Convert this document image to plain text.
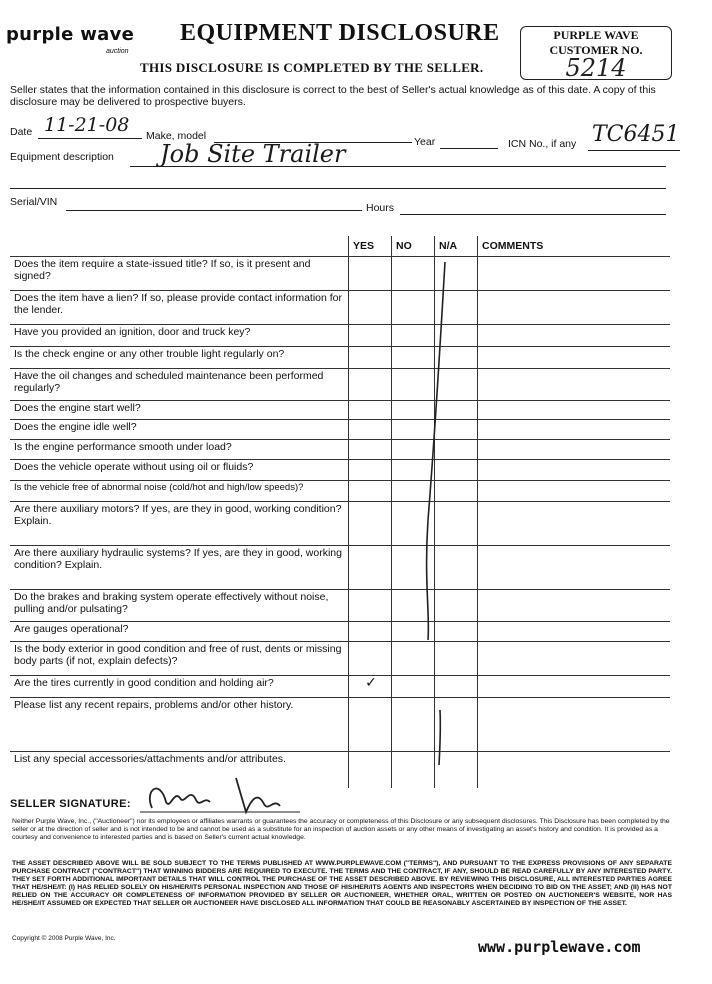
purple wave
auction
EQUIPMENT DISCLOSURE
THIS DISCLOSURE IS COMPLETED BY THE SELLER.
PURPLE WAVE
CUSTOMER NO.
5214
Seller states that the information contained in this disclosure is correct to the best of Seller's actual knowledge as of this date. A copy of this disclosure may be delivered to prospective buyers.
Date 11-21-08 Make, model	Year	ICN No., if any TC6451
Equipment description Job Site Trailer
Serial/VIN	Hours
	YES	NO	N/A	COMMENTS
Does the item require a state-issued title? If so, is it present and signed?				
Does the item have a lien? If so, please provide contact information for the lender.				
Have you provided an ignition, door and truck key?				
Is the check engine or any other trouble light regularly on?				
Have the oil changes and scheduled maintenance been performed regularly?				
Does the engine start well?				
Does the engine idle well?				
Is the engine performance smooth under load?				
Does the vehicle operate without using oil or fluids?				
Is the vehicle free of abnormal noise (cold/hot and high/low speeds)?				
Are there auxiliary motors? If yes, are they in good, working condition? Explain.				
Are there auxiliary hydraulic systems? If yes, are they in good, working condition? Explain.				
Do the brakes and braking system operate effectively without noise, pulling and/or pulsating?				
Are gauges operational?				
Is the body exterior in good condition and free of rust, dents or missing body parts (if not, explain defects)?				
Are the tires currently in good condition and holding air?	✓			
Please list any recent repairs, problems and/or other history.				
List any special accessories/attachments and/or attributes.				
SELLER SIGNATURE:
Neither Purple Wave, Inc., ("Auctioneer") nor its employees or affiliates warrants or guarantees the accuracy or completeness of this Disclosure or any subsequent disclosures. This Disclosure has been completed by the seller or at the direction of seller and is not intended to be and cannot be used as a substitute for an inspection of auction assets or any other means of investigating an asset's history and condition. It is provided as a courtesy and convenience to interested parties and is based on Seller's current actual knowledge.
THE ASSET DESCRIBED ABOVE WILL BE SOLD SUBJECT TO THE TERMS PUBLISHED AT WWW.PURPLEWAVE.COM ("TERMS"), AND PURSUANT TO THE EXPRESS PROVISIONS OF ANY SEPARATE PURCHASE CONTRACT ("CONTRACT") THAT WINNING BIDDERS ARE REQUIRED TO EXECUTE. THE TERMS AND THE CONTRACT, IF ANY, SHOULD BE READ CAREFULLY BY ANY INTERESTED PARTY. THEY SET FORTH ADDITIONAL IMPORTANT DETAILS THAT WILL CONTROL THE PURCHASE OF THE ASSET DESCRIBED ABOVE. BY REVIEWING THIS DISCLOSURE, ALL INTERESTED PARTIES AGREE THAT HE/SHE/IT: (I) HAS RELIED SOLELY ON HIS/HER/ITS PERSONAL INSPECTION AND THOSE OF HIS/HER/ITS AGENTS AND INSPECTORS WHEN DECIDING TO BID ON THE ASSET; AND (II) HAS NOT RELIED ON THE ACCURACY OR COMPLETENESS OF INFORMATION PROVIDED BY SELLER OR AUCTIONEER, WHETHER ORAL, WRITTEN OR POSTED ON AUCTIONEER'S WEBSITE, NOR HAS HE/SHE/IT ASSUMED OR EXPECTED THAT SELLER OR AUCTIONEER HAVE DISCLOSED ALL INFORMATION THAT COULD BE REASONABLY ASCERTAINED BY INSPECTION OF THE ASSET.
Copyright © 2008 Purple Wave, Inc.	www.purplewave.com
